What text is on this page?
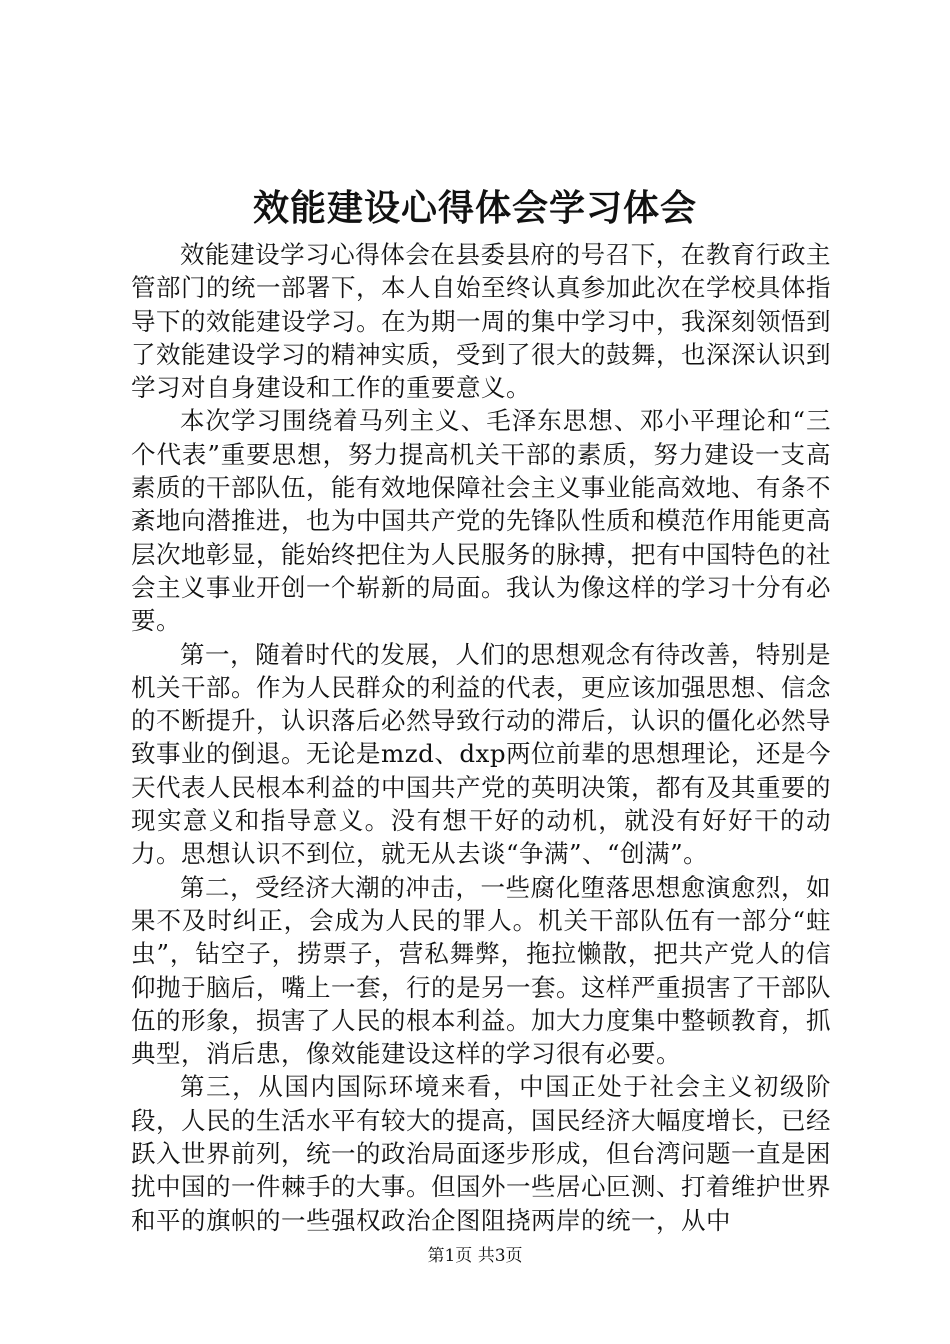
效能建设心得体会学习体会

效能建设学习心得体会在县委县府的号召下，在教育行政主管部门的统一部署下，本人自始至终认真参加此次在学校具体指导下的效能建设学习。在为期一周的集中学习中，我深刻领悟到了效能建设学习的精神实质，受到了很大的鼓舞，也深深认识到学习对自身建设和工作的重要意义。

本次学习围绕着马列主义、毛泽东思想、邓小平理论和“三个代表”重要思想，努力提高机关干部的素质，努力建设一支高素质的干部队伍，能有效地保障社会主义事业能高效地、有条不紊地向潜推进，也为中国共产党的先锋队性质和模范作用能更高层次地彰显，能始终把住为人民服务的脉搏，把有中国特色的社会主义事业开创一个崭新的局面。我认为像这样的学习十分有必要。

第一，随着时代的发展，人们的思想观念有待改善，特别是机关干部。作为人民群众的利益的代表，更应该加强思想、信念的不断提升，认识落后必然导致行动的滞后，认识的僵化必然导致事业的倒退。无论是mzd、dxp两位前辈的思想理论，还是今天代表人民根本利益的中国共产党的英明决策，都有及其重要的现实意义和指导意义。没有想干好的动机，就没有好好干的动力。思想认识不到位，就无从去谈“争满”、“创满”。

第二，受经济大潮的冲击，一些腐化堕落思想愈演愈烈，如果不及时纠正，会成为人民的罪人。机关干部队伍有一部分“蛀虫”，钻空子，捞票子，营私舞弊，拖拉懒散，把共产党人的信仰抛于脑后，嘴上一套，行的是另一套。这样严重损害了干部队伍的形象，损害了人民的根本利益。加大力度集中整顿教育，抓典型，消后患，像效能建设这样的学习很有必要。

第三，从国内国际环境来看，中国正处于社会主义初级阶段，人民的生活水平有较大的提高，国民经济大幅度增长，已经跃入世界前列，统一的政治局面逐步形成，但台湾问题一直是困扰中国的一件棘手的大事。但国外一些居心叵测、打着维护世界和平的旗帜的一些强权政治企图阻挠两岸的统一，从中

第1页 共3页
